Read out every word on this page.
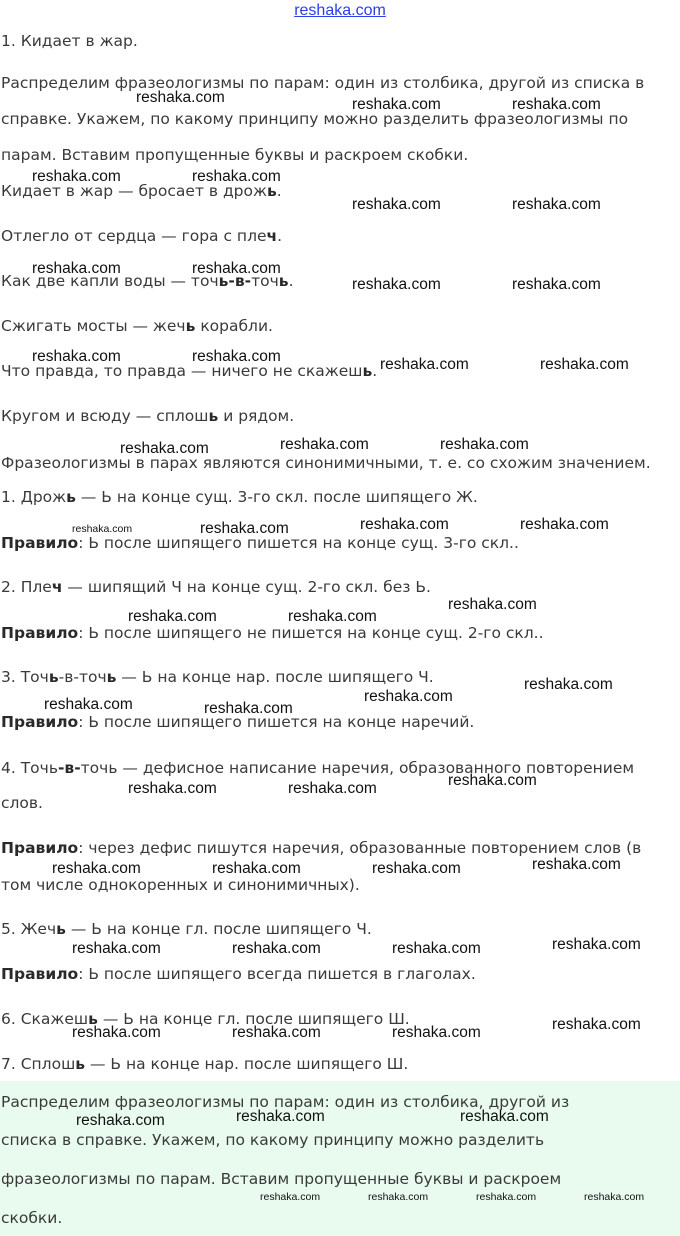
reshaka.com
1. Кидает в жар.
Распределим фразеологизмы по парам: один из столбика, другой из списка в
справке. Укажем, по какому принципу можно разделить фразеологизмы по
парам. Вставим пропущенные буквы и раскроем скобки.
Кидает в жар — бросает в дрожь.
Отлегло от сердца — гора с плеч.
Как две капли воды — точь-в-точь.
Сжигать мосты — жечь корабли.
Что правда, то правда — ничего не скажешь.
Кругом и всюду — сплошь и рядом.
Фразеологизмы в парах являются синонимичными, т. е. со схожим значением.
1. Дрожь — Ь на конце сущ. 3-го скл. после шипящего Ж.
Правило: Ь после шипящего пишется на конце сущ. 3-го скл..
2. Плеч — шипящий Ч на конце сущ. 2-го скл. без Ь.
Правило: Ь после шипящего не пишется на конце сущ. 2-го скл..
3. Точь-в-точь — Ь на конце нар. после шипящего Ч.
Правило: Ь после шипящего пишется на конце наречий.
4. Точь-в-точь — дефисное написание наречия, образованного повторением
слов.
Правило: через дефис пишутся наречия, образованные повторением слов (в
том числе однокоренных и синонимичных).
5. Жечь — Ь на конце гл. после шипящего Ч.
Правило: Ь после шипящего всегда пишется в глаголах.
6. Скажешь — Ь на конце гл. после шипящего Ш.
7. Сплошь — Ь на конце нар. после шипящего Ш.
Распределим фразеологизмы по парам: один из столбика, другой из
списка в справке. Укажем, по какому принципу можно разделить
фразеологизмы по парам. Вставим пропущенные буквы и раскроем
скобки.
reshaka.com	reshaka.com	reshaka.com
reshaka.com	reshaka.com
reshaka.com	reshaka.com
reshaka.com	reshaka.com
reshaka.com	reshaka.com
reshaka.com	reshaka.com	reshaka.com	reshaka.com
reshaka.com	reshaka.com	reshaka.com
reshaka.com	reshaka.com	reshaka.com	reshaka.com
reshaka.com
reshaka.com	reshaka.com
reshaka.com
reshaka.com
reshaka.com	reshaka.com
reshaka.com
reshaka.com	reshaka.com
reshaka.com
reshaka.com	reshaka.com	reshaka.com
reshaka.com
reshaka.com	reshaka.com	reshaka.com
reshaka.com
reshaka.com	reshaka.com	reshaka.com
reshaka.com	reshaka.com
reshaka.com
reshaka.com	reshaka.com	reshaka.com	reshaka.com
